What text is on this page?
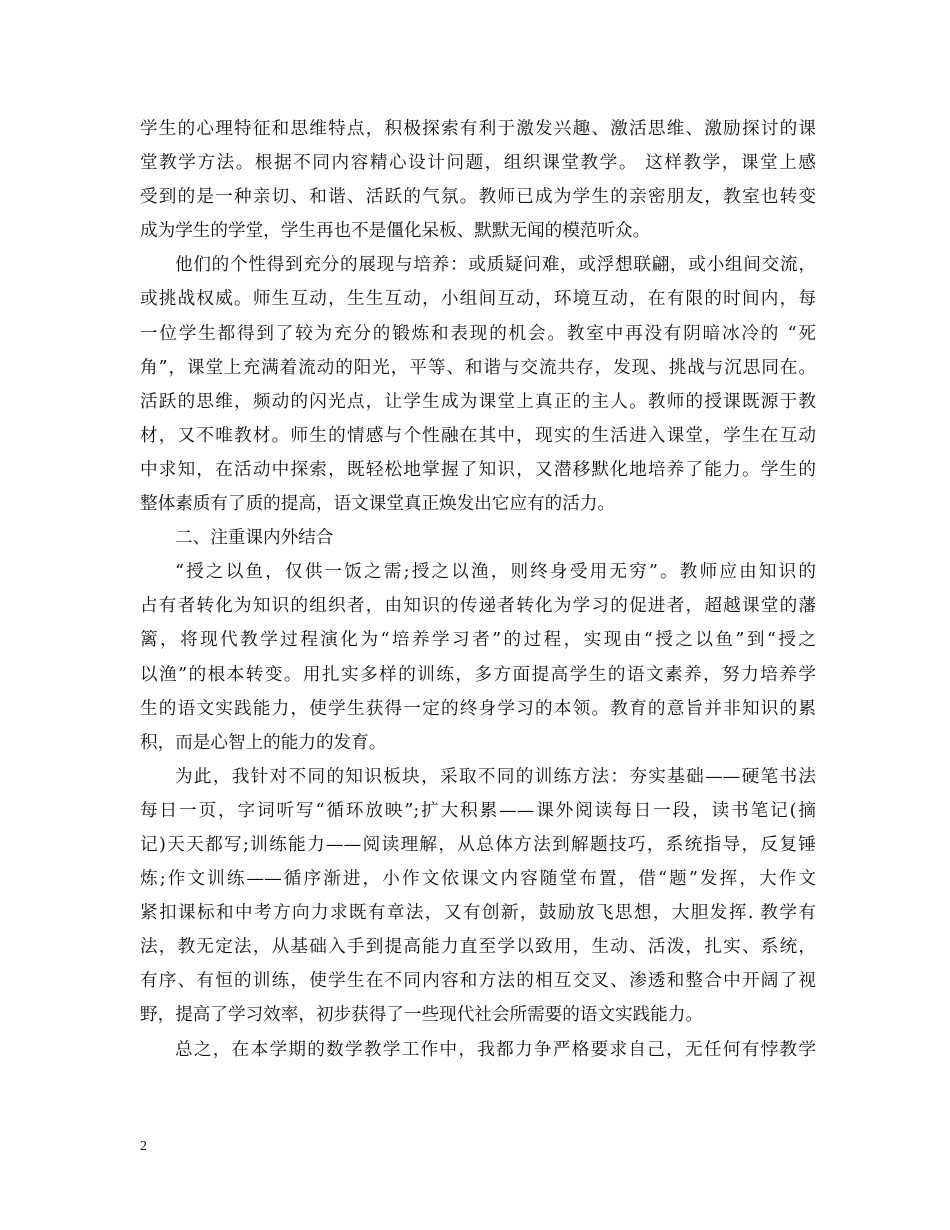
学生的心理特征和思维特点，积极探索有利于激发兴趣、激活思维、激励探讨的课
堂教学方法。根据不同内容精心设计问题，组织课堂教学。 这样教学，课堂上感
受到的是一种亲切、和谐、活跃的气氛。教师已成为学生的亲密朋友，教室也转变
成为学生的学堂，学生再也不是僵化呆板、默默无闻的模范听众。
他们的个性得到充分的展现与培养：或质疑问难，或浮想联翩，或小组间交流，
或挑战权威。师生互动，生生互动，小组间互动，环境互动，在有限的时间内，每
一位学生都得到了较为充分的锻炼和表现的机会。教室中再没有阴暗冰冷的 “死
角”，课堂上充满着流动的阳光，平等、和谐与交流共存，发现、挑战与沉思同在。
活跃的思维，频动的闪光点，让学生成为课堂上真正的主人。教师的授课既源于教
材，又不唯教材。师生的情感与个性融在其中，现实的生活进入课堂，学生在互动
中求知，在活动中探索，既轻松地掌握了知识，又潜移默化地培养了能力。学生的
整体素质有了质的提高，语文课堂真正焕发出它应有的活力。
二、注重课内外结合
“授之以鱼，仅供一饭之需;授之以渔，则终身受用无穷”。教师应由知识的
占有者转化为知识的组织者，由知识的传递者转化为学习的促进者，超越课堂的藩
篱，将现代教学过程演化为“培养学习者”的过程，实现由“授之以鱼”到“授之
以渔”的根本转变。用扎实多样的训练，多方面提高学生的语文素养，努力培养学
生的语文实践能力，使学生获得一定的终身学习的本领。教育的意旨并非知识的累
积，而是心智上的能力的发育。
为此，我针对不同的知识板块，采取不同的训练方法：夯实基础——硬笔书法
每日一页，字词听写“循环放映”;扩大积累——课外阅读每日一段，读书笔记(摘
记)天天都写;训练能力——阅读理解，从总体方法到解题技巧，系统指导，反复锤
炼;作文训练——循序渐进，小作文依课文内容随堂布置，借“题”发挥，大作文
紧扣课标和中考方向力求既有章法，又有创新，鼓励放飞思想，大胆发挥. 教学有
法，教无定法，从基础入手到提高能力直至学以致用，生动、活泼，扎实、系统，
有序、有恒的训练，使学生在不同内容和方法的相互交叉、渗透和整合中开阔了视
野，提高了学习效率，初步获得了一些现代社会所需要的语文实践能力。
总之，在本学期的数学教学工作中，我都力争严格要求自己，无任何有悖教学
2
